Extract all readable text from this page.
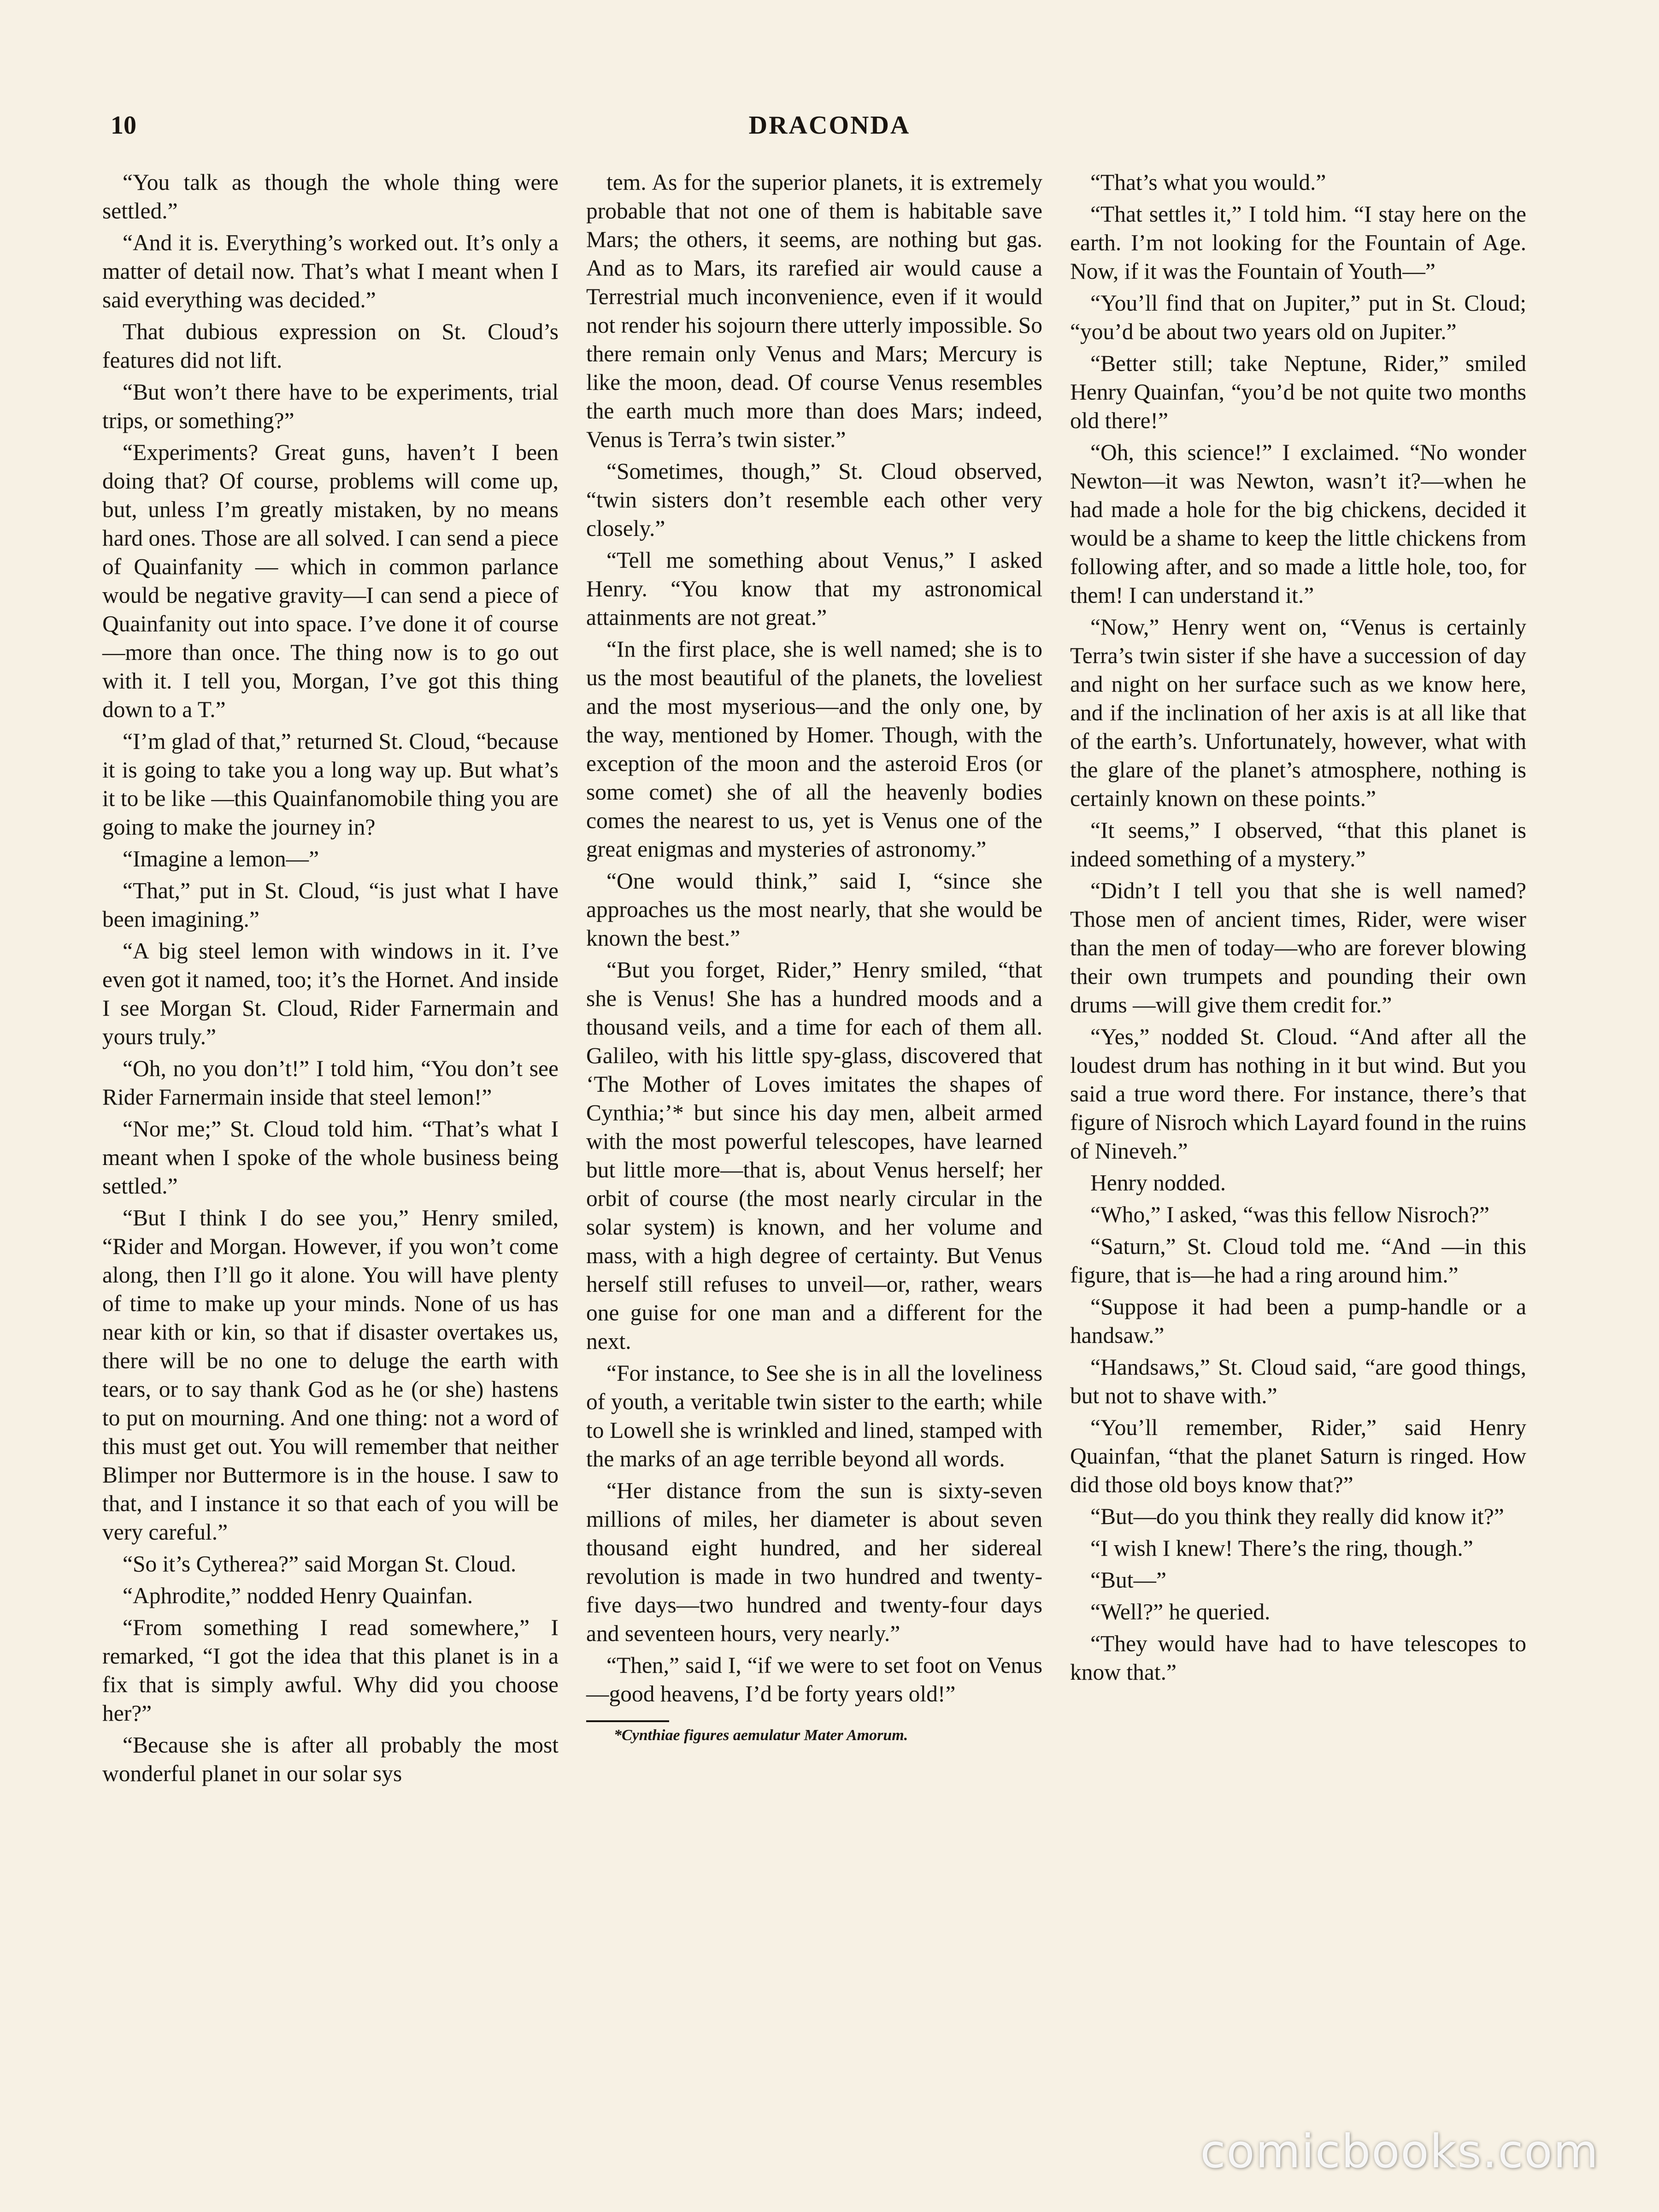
10	DRACONDA

“You talk as though the whole thing were settled.”

“And it is. Everything’s worked out. It’s only a matter of detail now. That’s what I meant when I said everything was decided.”

That dubious expression on St. Cloud’s features did not lift.

“But won’t there have to be experiments, trial trips, or something?”

“Experiments? Great guns, haven’t I been doing that? Of course, problems will come up, but, unless I’m greatly mistaken, by no means hard ones. Those are all solved. I can send a piece of Quainfanity — which in common parlance would be negative gravity—I can send a piece of Quainfanity out into space. I’ve done it of course—more than once. The thing now is to go out with it. I tell you, Morgan, I’ve got this thing down to a T.”

“I’m glad of that,” returned St. Cloud, “because it is going to take you a long way up. But what’s it to be like —this Quainfanomobile thing you are going to make the journey in?

“Imagine a lemon—”

“That,” put in St. Cloud, “is just what I have been imagining.”

“A big steel lemon with windows in it. I’ve even got it named, too; it’s the Hornet. And inside I see Morgan St. Cloud, Rider Farnermain and yours truly.”

“Oh, no you don’t!” I told him, “You don’t see Rider Farnermain inside that steel lemon!”

“Nor me;” St. Cloud told him. “That’s what I meant when I spoke of the whole business being settled.”

“But I think I do see you,” Henry smiled, “Rider and Morgan. However, if you won’t come along, then I’ll go it alone. You will have plenty of time to make up your minds. None of us has near kith or kin, so that if disaster overtakes us, there will be no one to deluge the earth with tears, or to say thank God as he (or she) hastens to put on mourning. And one thing: not a word of this must get out. You will remember that neither Blimper nor Buttermore is in the house. I saw to that, and I instance it so that each of you will be very careful.”

“So it’s Cytherea?” said Morgan St. Cloud.

“Aphrodite,” nodded Henry Quainfan.

“From something I read somewhere,” I remarked, “I got the idea that this planet is in a fix that is simply awful. Why did you choose her?”

“Because she is after all probably the most wonderful planet in our solar sys

tem. As for the superior planets, it is extremely probable that not one of them is habitable save Mars; the others, it seems, are nothing but gas. And as to Mars, its rarefied air would cause a Terrestrial much inconvenience, even if it would not render his sojourn there utterly impossible. So there remain only Venus and Mars; Mercury is like the moon, dead. Of course Venus resembles the earth much more than does Mars; indeed, Venus is Terra’s twin sister.”

“Sometimes, though,” St. Cloud observed, “twin sisters don’t resemble each other very closely.”

“Tell me something about Venus,” I asked Henry. “You know that my astronomical attainments are not great.”

“In the first place, she is well named; she is to us the most beautiful of the planets, the loveliest and the most myserious—and the only one, by the way, mentioned by Homer. Though, with the exception of the moon and the asteroid Eros (or some comet) she of all the heavenly bodies comes the nearest to us, yet is Venus one of the great enigmas and mysteries of astronomy.”

“One would think,” said I, “since she approaches us the most nearly, that she would be known the best.”

“But you forget, Rider,” Henry smiled, “that she is Venus! She has a hundred moods and a thousand veils, and a time for each of them all. Galileo, with his little spy-glass, discovered that ‘The Mother of Loves imitates the shapes of Cynthia;’* but since his day men, albeit armed with the most powerful telescopes, have learned but little more—that is, about Venus herself; her orbit of course (the most nearly circular in the solar system) is known, and her volume and mass, with a high degree of certainty. But Venus herself still refuses to unveil—or, rather, wears one guise for one man and a different for the next.

“For instance, to See she is in all the loveliness of youth, a veritable twin sister to the earth; while to Lowell she is wrinkled and lined, stamped with the marks of an age terrible beyond all words.

“Her distance from the sun is sixty-seven millions of miles, her diameter is about seven thousand eight hundred, and her sidereal revolution is made in two hundred and twenty-five days—two hundred and twenty-four days and seventeen hours, very nearly.”

“Then,” said I, “if we were to set foot on Venus—good heavens, I’d be forty years old!”

*Cynthiae figures aemulatur Mater Amorum.

“That’s what you would.”

“That settles it,” I told him. “I stay here on the earth. I’m not looking for the Fountain of Age. Now, if it was the Fountain of Youth—”

“You’ll find that on Jupiter,” put in St. Cloud; “you’d be about two years old on Jupiter.”

“Better still; take Neptune, Rider,” smiled Henry Quainfan, “you’d be not quite two months old there!”

“Oh, this science!” I exclaimed. “No wonder Newton—it was Newton, wasn’t it?—when he had made a hole for the big chickens, decided it would be a shame to keep the little chickens from following after, and so made a little hole, too, for them! I can understand it.”

“Now,” Henry went on, “Venus is certainly Terra’s twin sister if she have a succession of day and night on her surface such as we know here, and if the inclination of her axis is at all like that of the earth’s. Unfortunately, however, what with the glare of the planet’s atmosphere, nothing is certainly known on these points.”

“It seems,” I observed, “that this planet is indeed something of a mystery.”

“Didn’t I tell you that she is well named? Those men of ancient times, Rider, were wiser than the men of today—who are forever blowing their own trumpets and pounding their own drums —will give them credit for.”

“Yes,” nodded St. Cloud. “And after all the loudest drum has nothing in it but wind. But you said a true word there. For instance, there’s that figure of Nisroch which Layard found in the ruins of Nineveh.”

Henry nodded.

“Who,” I asked, “was this fellow Nisroch?”

“Saturn,” St. Cloud told me. “And —in this figure, that is—he had a ring around him.”

“Suppose it had been a pump-handle or a handsaw.”

“Handsaws,” St. Cloud said, “are good things, but not to shave with.”

“You’ll remember, Rider,” said Henry Quainfan, “that the planet Saturn is ringed. How did those old boys know that?”

“But—do you think they really did know it?”

“I wish I knew! There’s the ring, though.”

“But—”

“Well?” he queried.

“They would have had to have telescopes to know that.”

comicbooks.com
